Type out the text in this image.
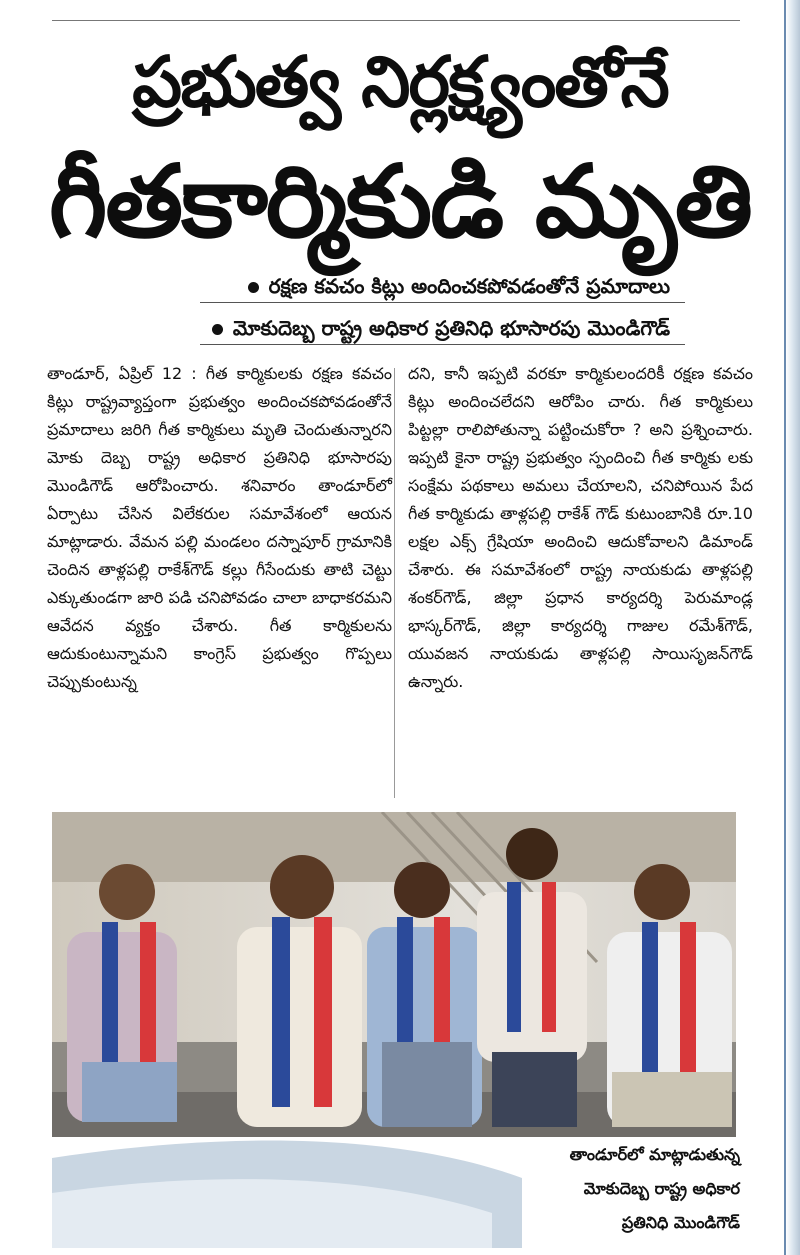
ప్రభుత్వ నిర్లక్ష్యంతోనే
గీతకార్మికుడి మృతి
రక్షణ కవచం కిట్లు అందించకపోవడంతోనే ప్రమాదాలు
మోకుదెబ్బ రాష్ట్ర అధికార ప్రతినిధి భూసారపు మొండిగౌడ్

తాండూర్, ఏప్రిల్ 12 : గీత కార్మికులకు రక్షణ కవచం కిట్లు రాష్ట్రవ్యాప్తంగా ప్రభుత్వం అందించకపోవడంతోనే ప్రమాదాలు జరిగి గీత కార్మికులు మృతి చెందుతున్నారని మోకు దెబ్బ రాష్ట్ర అధికార ప్రతినిధి భూసారపు మొండిగౌడ్ ఆరోపించారు. శనివారం తాండూర్‌లో ఏర్పాటు చేసిన విలేకరుల సమావేశంలో ఆయన మాట్లాడారు. వేమన పల్లి మండలం దస్నాపూర్ గ్రామానికి చెందిన తాళ్లపల్లి రాకేశ్‌గౌడ్ కల్లు గీసేందుకు తాటి చెట్టు ఎక్కుతుండగా జారి పడి చనిపోవడం చాలా బాధాకరమని ఆవేదన వ్యక్తం చేశారు. గీత కార్మికులను ఆదుకుంటున్నామని కాంగ్రెస్ ప్రభుత్వం గొప్పలు చెప్పుకుంటున్న

దని, కానీ ఇప్పటి వరకూ కార్మికులందరికీ రక్షణ కవచం కిట్లు అందించలేదని ఆరోపిం చారు. గీత కార్మికులు పిట్టల్లా రాలిపోతున్నా పట్టించుకోరా ? అని ప్రశ్నించారు. ఇప్పటి కైనా రాష్ట్ర ప్రభుత్వం స్పందించి గీత కార్మికు లకు సంక్షేమ పథకాలు అమలు చేయాలని, చనిపోయిన పేద గీత కార్మికుడు తాళ్లపల్లి రాకేశ్ గౌడ్ కుటుంబానికి రూ.10 లక్షల ఎక్స్ గ్రేషియా అందించి ఆదుకోవాలని డిమాండ్ చేశారు. ఈ సమావేశంలో రాష్ట్ర నాయకుడు తాళ్లపల్లి శంకర్‌గౌడ్, జిల్లా ప్రధాన కార్యదర్శి పెరుమాండ్ల భాస్కర్‌గౌడ్, జిల్లా కార్యదర్శి గాజుల రమేశ్‌గౌడ్, యువజన నాయకుడు తాళ్లపల్లి సాయిసృజన్‌గౌడ్ ఉన్నారు.

తాండూర్‌లో మాట్లాడుతున్న
మోకుదెబ్బ రాష్ట్ర అధికార
ప్రతినిధి మొండిగౌడ్
